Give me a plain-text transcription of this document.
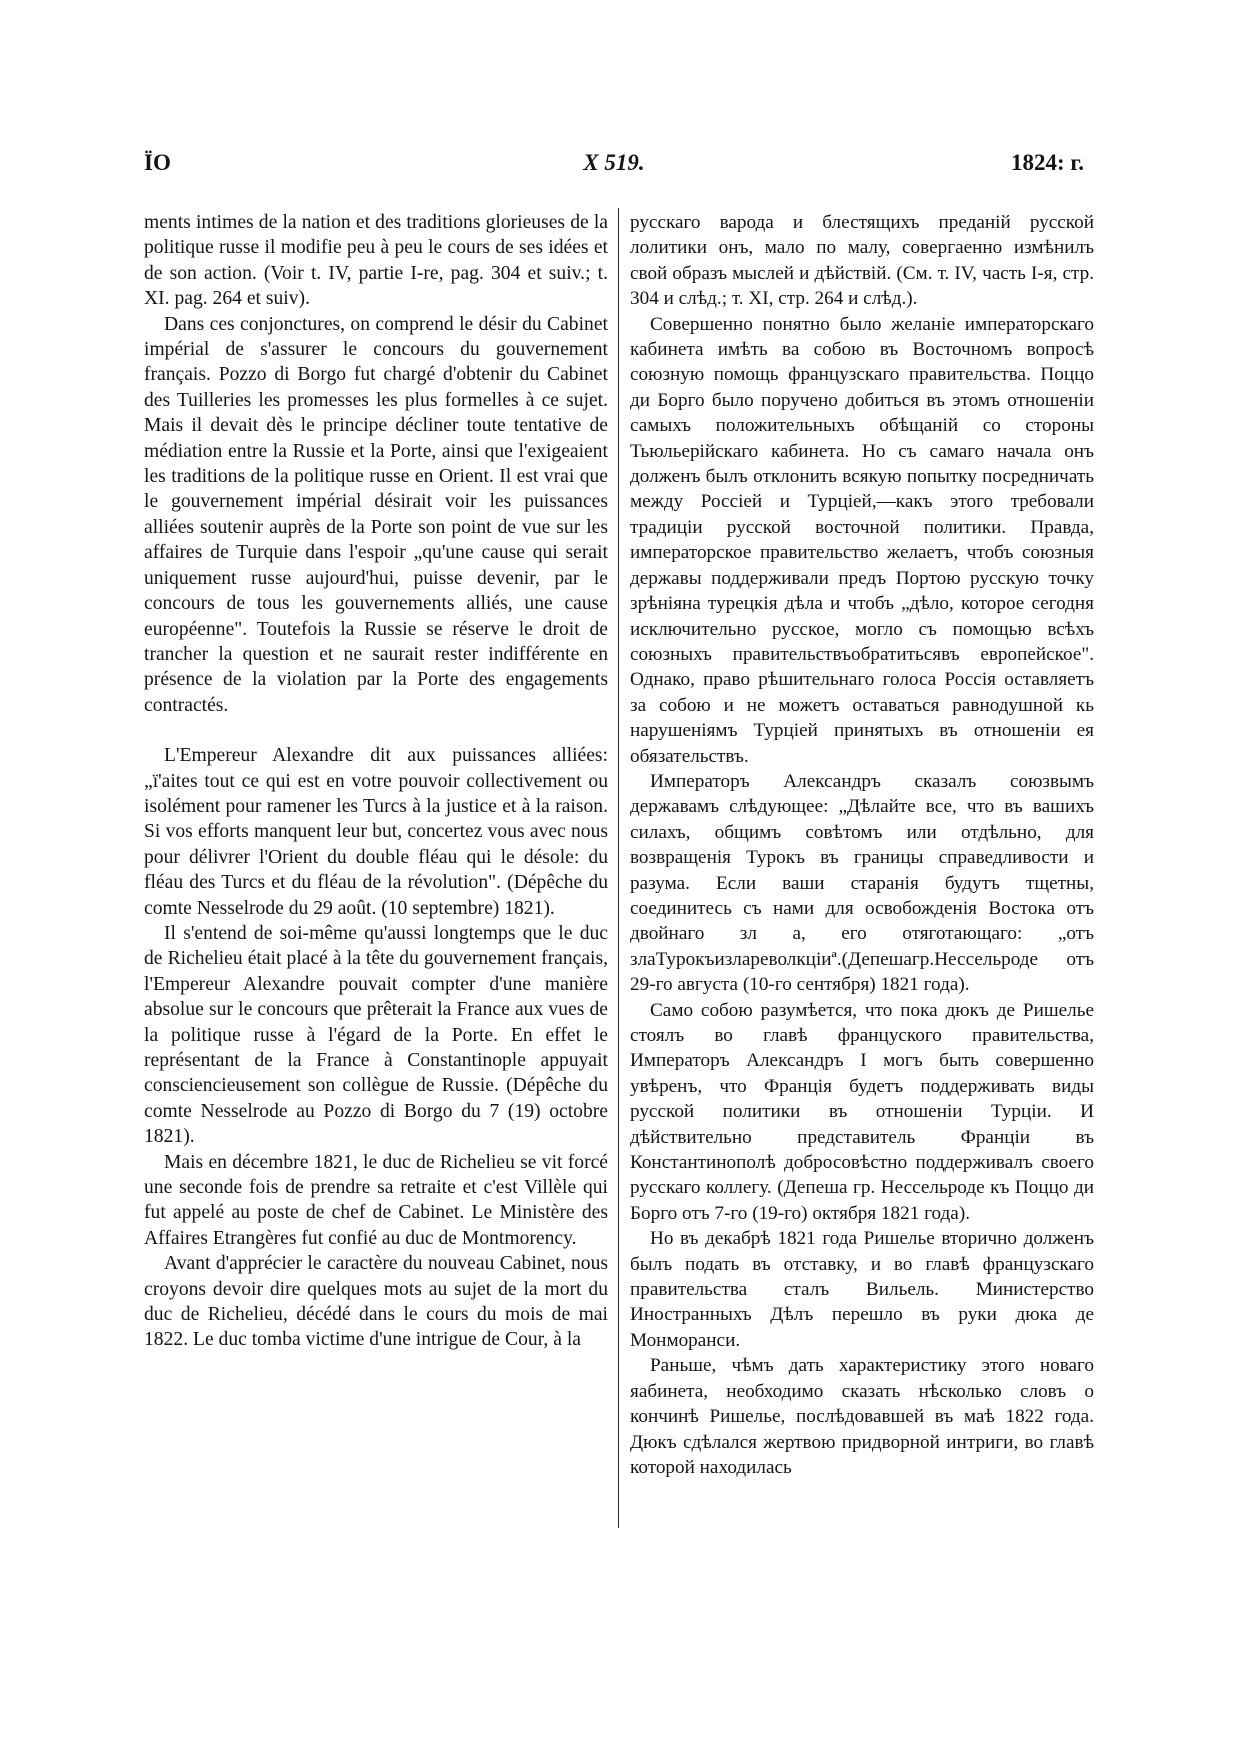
ЇО	X 519.	1824: г.

ments intimes de la nation et des traditions glorieuses de la politique russe il modifie peu à peu le cours de ses idées et de son action. (Voir t. IV, partie I-re, pag. 304 et suiv.; t. XI. pag. 264 et suiv).

Dans ces conjonctures, on comprend le désir du Cabinet impérial de s'assurer le concours du gouvernement français. Pozzo di Borgo fut chargé d'obtenir du Cabinet des Tuilleries les promesses les plus formelles à ce sujet. Mais il devait dès le principe décliner toute tentative de médiation entre la Russie et la Porte, ainsi que l'exigeaient les traditions de la politique russe en Orient. Il est vrai que le gouvernement impérial désirait voir les puissances alliées soutenir auprès de la Porte son point de vue sur les affaires de Turquie dans l'espoir „qu'une cause qui serait uniquement russe aujourd'hui, puisse devenir, par le concours de tous les gouvernements alliés, une cause européenne". Toutefois la Russie se réserve le droit de trancher la question et ne saurait rester indifférente en présence de la violation par la Porte des engagements contractés.

L'Empereur Alexandre dit aux puissances alliées: „ï'aites tout ce qui est en votre pouvoir collectivement ou isolément pour ramener les Turcs à la justice et à la raison. Si vos efforts manquent leur but, concertez vous avec nous pour délivrer l'Orient du double fléau qui le désole: du fléau des Turcs et du fléau de la révolution". (Dépêche du comte Nesselrode du 29 août. (10 septembre) 1821).

Il s'entend de soi-même qu'aussi longtemps que le duc de Richelieu était placé à la tête du gouvernement français, l'Empereur Alexandre pouvait compter d'une manière absolue sur le concours que prêterait la France aux vues de la politique russe à l'égard de la Porte. En effet le représentant de la France à Constantinople appuyait consciencieusement son collègue de Russie. (Dépêche du comte Nesselrode au Pozzo di Borgo du 7 (19) octobre 1821).

Mais en décembre 1821, le duc de Richelieu se vit forcé une seconde fois de prendre sa retraite et c'est Villèle qui fut appelé au poste de chef de Cabinet. Le Ministère des Affaires Etrangères fut confié au duc de Montmorency.

Avant d'apprécier le caractère du nouveau Cabinet, nous croyons devoir dire quelques mots au sujet de la mort du duc de Richelieu, décédé dans le cours du mois de mai 1822. Le duc tomba victime d'une intrigue de Cour, à la

русскаго варода и блестящихъ преданій русской лолитики онъ, мало по малу, совергаенно измѣнилъ свой образъ мыслей и дѣйствій. (См. т. IV, часть I-я, стр. 304 и слѣд.; т. XI, стр. 264 и слѣд.).

Совершенно понятно было желаніе императорскаго кабинета имѣть ва собою въ Восточномъ вопросѣ союзную помощь французскаго правительства. Поццо ди Борго было поручено добиться въ этомъ отношеніи самыхъ положительныхъ обѣщаній со стороны Тьюльерійскаго кабинета. Но съ самаго начала онъ долженъ былъ отклонить всякую попытку посредничать между Россіей и Турціей,—какъ этого требовали традиціи русской восточной политики. Правда, императорское правительство желаетъ, чтобъ союзныя державы поддерживали предъ Портою русскую точку зрѣніяна турецкія дѣла и чтобъ „дѣло, которое сегодня исключительно русское, могло съ помощью всѣхъ союзныхъ правительствъобратитьсявъ европейское". Однако, право рѣшительнаго голоса Россія оставляетъ за собою и не можетъ оставаться равнодушной кь нарушеніямъ Турціей принятыхъ въ отношеніи ея обязательствъ.

Императоръ Александръ сказалъ союзвымъ державамъ слѣдующее: „Дѣлайте все, что въ вашихъ силахъ, общимъ совѣтомъ или отдѣльно, для возвращенія Турокъ въ границы справедливости и разума. Если ваши старанія будутъ тщетны, соединитесь съ нами для освобожденія Востока отъ двойнаго зл а, его отяготающаго: „отъ злаТурокъизлареволкціиª.(Депешагр.Нессельроде отъ 29-го августа (10-го сентября) 1821 года).

Само собою разумѣется, что пока дюкъ де Ришелье стоялъ во главѣ француского правительства, Императоръ Александръ I могъ быть совершенно увѣренъ, что Францiя будетъ поддерживать виды русской политики въ отношеніи Турціи. И дѣйствительно представитель Франціи въ Константинополѣ добросовѣстно поддерживалъ своего русскаго коллегу. (Депеша гр. Нессельроде къ Поццо ди Борго отъ 7-го (19-го) октября 1821 года).

Но въ декабрѣ 1821 года Ришелье вторично долженъ былъ подать въ отставку, и во главѣ французскаго правительства сталъ Вильель. Министерство Иностранныхъ Дѣлъ перешло въ руки дюка де Монморанси.

Раньше, чѣмъ дать характеристику этого новаго яабинета, необходимо сказать нѣсколько словъ о кончинѣ Ришелье, послѣдовавшей въ маѣ 1822 года. Дюкъ сдѣлался жертвою придворной интриги, во главѣ которой находилась
